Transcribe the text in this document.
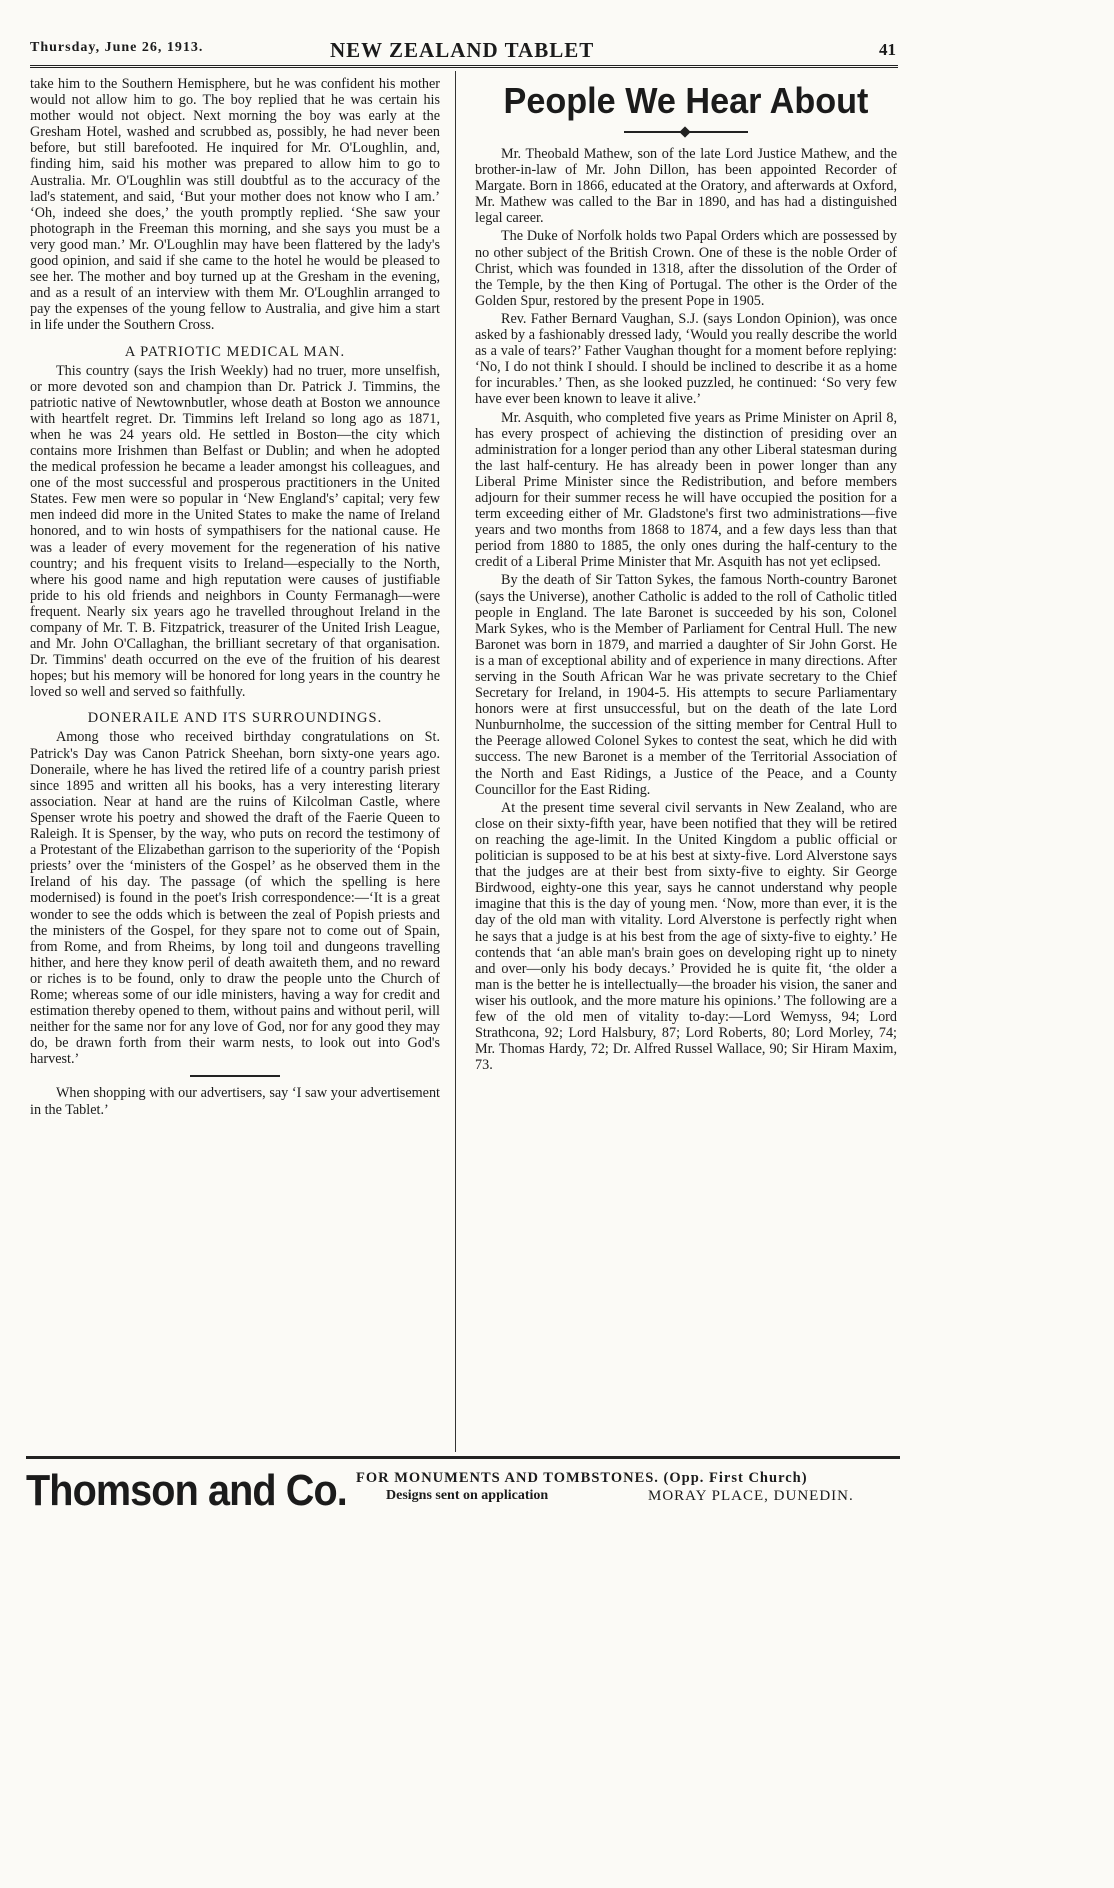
Thursday, June 26, 1913.	NEW ZEALAND TABLET	41

take him to the Southern Hemisphere, but he was confident his mother would not allow him to go. The boy replied that he was certain his mother would not object. Next morning the boy was early at the Gresham Hotel, washed and scrubbed as, possibly, he had never been before, but still barefooted. He inquired for Mr. O'Loughlin, and, finding him, said his mother was prepared to allow him to go to Australia. Mr. O'Loughlin was still doubtful as to the accuracy of the lad's statement, and said, ‘But your mother does not know who I am.’ ‘Oh, indeed she does,’ the youth promptly replied. ‘She saw your photograph in the Freeman this morning, and she says you must be a very good man.’ Mr. O'Loughlin may have been flattered by the lady's good opinion, and said if she came to the hotel he would be pleased to see her. The mother and boy turned up at the Gresham in the evening, and as a result of an interview with them Mr. O'Loughlin arranged to pay the expenses of the young fellow to Australia, and give him a start in life under the Southern Cross.

A PATRIOTIC MEDICAL MAN.

This country (says the Irish Weekly) had no truer, more unselfish, or more devoted son and champion than Dr. Patrick J. Timmins, the patriotic native of Newtownbutler, whose death at Boston we announce with heartfelt regret. Dr. Timmins left Ireland so long ago as 1871, when he was 24 years old. He settled in Boston—the city which contains more Irishmen than Belfast or Dublin; and when he adopted the medical profession he became a leader amongst his colleagues, and one of the most successful and prosperous practitioners in the United States. Few men were so popular in ‘New England's’ capital; very few men indeed did more in the United States to make the name of Ireland honored, and to win hosts of sympathisers for the national cause. He was a leader of every movement for the regeneration of his native country; and his frequent visits to Ireland—especially to the North, where his good name and high reputation were causes of justifiable pride to his old friends and neighbors in County Fermanagh—were frequent. Nearly six years ago he travelled throughout Ireland in the company of Mr. T. B. Fitzpatrick, treasurer of the United Irish League, and Mr. John O'Callaghan, the brilliant secretary of that organisation. Dr. Timmins' death occurred on the eve of the fruition of his dearest hopes; but his memory will be honored for long years in the country he loved so well and served so faithfully.

DONERAILE AND ITS SURROUNDINGS.

Among those who received birthday congratulations on St. Patrick's Day was Canon Patrick Sheehan, born sixty-one years ago. Doneraile, where he has lived the retired life of a country parish priest since 1895 and written all his books, has a very interesting literary association. Near at hand are the ruins of Kilcolman Castle, where Spenser wrote his poetry and showed the draft of the Faerie Queen to Raleigh. It is Spenser, by the way, who puts on record the testimony of a Protestant of the Elizabethan garrison to the superiority of the ‘Popish priests’ over the ‘ministers of the Gospel’ as he observed them in the Ireland of his day. The passage (of which the spelling is here modernised) is found in the poet's Irish correspondence:—‘It is a great wonder to see the odds which is between the zeal of Popish priests and the ministers of the Gospel, for they spare not to come out of Spain, from Rome, and from Rheims, by long toil and dungeons travelling hither, and here they know peril of death awaiteth them, and no reward or riches is to be found, only to draw the people unto the Church of Rome; whereas some of our idle ministers, having a way for credit and estimation thereby opened to them, without pains and without peril, will neither for the same nor for any love of God, nor for any good they may do, be drawn forth from their warm nests, to look out into God's harvest.’

When shopping with our advertisers, say ‘I saw your advertisement in the Tablet.’

People We Hear About

Mr. Theobald Mathew, son of the late Lord Justice Mathew, and the brother-in-law of Mr. John Dillon, has been appointed Recorder of Margate. Born in 1866, educated at the Oratory, and afterwards at Oxford, Mr. Mathew was called to the Bar in 1890, and has had a distinguished legal career.

The Duke of Norfolk holds two Papal Orders which are possessed by no other subject of the British Crown. One of these is the noble Order of Christ, which was founded in 1318, after the dissolution of the Order of the Temple, by the then King of Portugal. The other is the Order of the Golden Spur, restored by the present Pope in 1905.

Rev. Father Bernard Vaughan, S.J. (says London Opinion), was once asked by a fashionably dressed lady, ‘Would you really describe the world as a vale of tears?’ Father Vaughan thought for a moment before replying: ‘No, I do not think I should. I should be inclined to describe it as a home for incurables.’ Then, as she looked puzzled, he continued: ‘So very few have ever been known to leave it alive.’

Mr. Asquith, who completed five years as Prime Minister on April 8, has every prospect of achieving the distinction of presiding over an administration for a longer period than any other Liberal statesman during the last half-century. He has already been in power longer than any Liberal Prime Minister since the Redistribution, and before members adjourn for their summer recess he will have occupied the position for a term exceeding either of Mr. Gladstone's first two administrations—five years and two months from 1868 to 1874, and a few days less than that period from 1880 to 1885, the only ones during the half-century to the credit of a Liberal Prime Minister that Mr. Asquith has not yet eclipsed.

By the death of Sir Tatton Sykes, the famous North-country Baronet (says the Universe), another Catholic is added to the roll of Catholic titled people in England. The late Baronet is succeeded by his son, Colonel Mark Sykes, who is the Member of Parliament for Central Hull. The new Baronet was born in 1879, and married a daughter of Sir John Gorst. He is a man of exceptional ability and of experience in many directions. After serving in the South African War he was private secretary to the Chief Secretary for Ireland, in 1904-5. His attempts to secure Parliamentary honors were at first unsuccessful, but on the death of the late Lord Nunburnholme, the succession of the sitting member for Central Hull to the Peerage allowed Colonel Sykes to contest the seat, which he did with success. The new Baronet is a member of the Territorial Association of the North and East Ridings, a Justice of the Peace, and a County Councillor for the East Riding.

At the present time several civil servants in New Zealand, who are close on their sixty-fifth year, have been notified that they will be retired on reaching the age-limit. In the United Kingdom a public official or politician is supposed to be at his best at sixty-five. Lord Alverstone says that the judges are at their best from sixty-five to eighty. Sir George Birdwood, eighty-one this year, says he cannot understand why people imagine that this is the day of young men. ‘Now, more than ever, it is the day of the old man with vitality. Lord Alverstone is perfectly right when he says that a judge is at his best from the age of sixty-five to eighty.’ He contends that ‘an able man's brain goes on developing right up to ninety and over—only his body decays.’ Provided he is quite fit, ‘the older a man is the better he is intellectually—the broader his vision, the saner and wiser his outlook, and the more mature his opinions.’ The following are a few of the old men of vitality to-day:—Lord Wemyss, 94; Lord Strathcona, 92; Lord Halsbury, 87; Lord Roberts, 80; Lord Morley, 74; Mr. Thomas Hardy, 72; Dr. Alfred Russel Wallace, 90; Sir Hiram Maxim, 73.

Thomson and Co. FOR MONUMENTS AND TOMBSTONES. (Opp. First Church)
Designs sent on application	MORAY PLACE, DUNEDIN.
